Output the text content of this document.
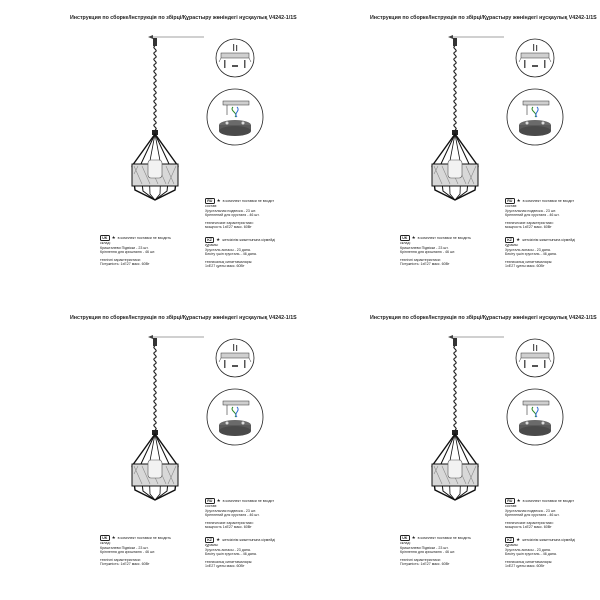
Инструкция по сборке/Інструкція по збірці/Құрастыру жөніндегі нұсқаулық V4242-1/1S
RU ★ в комплект поставки не входит
состав:
Хрустальная подвеска - 23 шт.
Креплений для хрусталя - 46 шт.
технические характеристики:
мощность 1xE27 макс. 60Вт
UK ★ в комплект поставки не входить
склад:
Кришталеви Підвіски - 23 шт.
Кріплення для кришталю - 46 шт.
технічні характеристики:
Потужність: 1xE27 макс. 60Вт
KZ ★ жеткізілім жиынтығына кірмейді
құрамы:
Хрусталь аспасы - 23 дана.
Бекіту үшін хрусталь - 46 дана.
техникалық сипаттамалары:
1xE27 қуаты макс. 60Вт
Инструкция по сборке/Інструкція по збірці/Құрастыру жөніндегі нұсқаулық V4242-1/1S
RU ★ в комплект поставки не входит
состав:
Хрустальная подвеска - 23 шт.
Креплений для хрусталя - 46 шт.
технические характеристики:
мощность 1xE27 макс. 60Вт
UK ★ в комплект поставки не входить
склад:
Кришталеви Підвіски - 23 шт.
Кріплення для кришталю - 46 шт.
технічні характеристики:
Потужність: 1xE27 макс. 60Вт
KZ ★ жеткізілім жиынтығына кірмейді
құрамы:
Хрусталь аспасы - 23 дана.
Бекіту үшін хрусталь - 46 дана.
техникалық сипаттамалары:
1xE27 қуаты макс. 60Вт
Инструкция по сборке/Інструкція по збірці/Құрастыру жөніндегі нұсқаулық V4242-1/1S
RU ★ в комплект поставки не входит
состав:
Хрустальная подвеска - 23 шт.
Креплений для хрусталя - 46 шт.
технические характеристики:
мощность 1xE27 макс. 60Вт
UK ★ в комплект поставки не входить
склад:
Кришталеви Підвіски - 23 шт.
Кріплення для кришталю - 46 шт.
технічні характеристики:
Потужність: 1xE27 макс. 60Вт
KZ ★ жеткізілім жиынтығына кірмейді
құрамы:
Хрусталь аспасы - 23 дана.
Бекіту үшін хрусталь - 46 дана.
техникалық сипаттамалары:
1xE27 қуаты макс. 60Вт
Инструкция по сборке/Інструкція по збірці/Құрастыру жөніндегі нұсқаулық V4242-1/1S
RU ★ в комплект поставки не входит
состав:
Хрустальная подвеска - 23 шт.
Креплений для хрусталя - 46 шт.
технические характеристики:
мощность 1xE27 макс. 60Вт
UK ★ в комплект поставки не входить
склад:
Кришталеви Підвіски - 23 шт.
Кріплення для кришталю - 46 шт.
технічні характеристики:
Потужність: 1xE27 макс. 60Вт
KZ ★ жеткізілім жиынтығына кірмейді
құрамы:
Хрусталь аспасы - 23 дана.
Бекіту үшін хрусталь - 46 дана.
техникалық сипаттамалары:
1xE27 қуаты макс. 60Вт
